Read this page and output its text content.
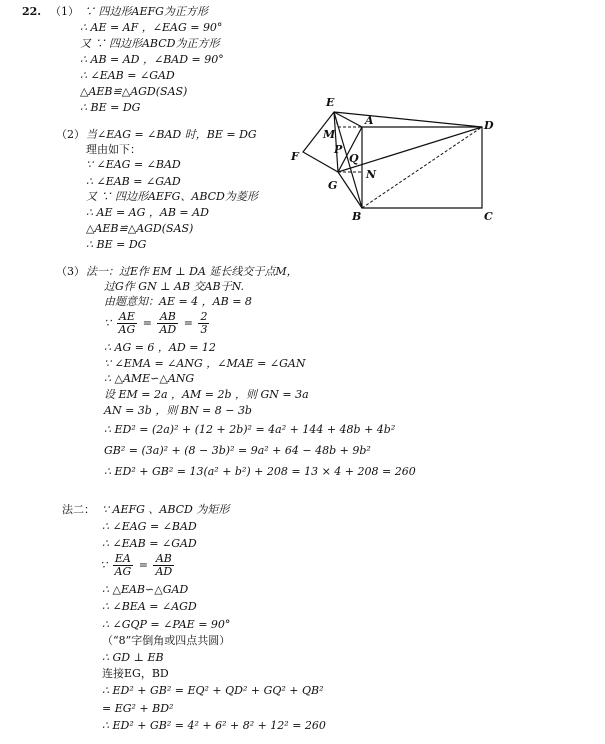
22. （1） ∵ 四边形AEFG为正方形
∴ AE = AF ，∠EAG = 90°
又 ∵ 四边形ABCD为正方形
∴ AB = AD ，∠BAD = 90°
∴ ∠EAB = ∠GAD
△AEB≌△AGD(SAS)
∴ BE = DG
（2） 当∠EAG = ∠BAD 时，BE = DG
理由如下：
∵ ∠EAG = ∠BAD
∴ ∠EAB = ∠GAD
又 ∵ 四边形AEFG、ABCD为菱形
∴ AE = AG ，AB = AD
△AEB≌△AGD(SAS)
∴ BE = DG
（3） 法一：过E作 EM ⊥ DA 延长线交于点M，
过G作 GN ⊥ AB 交AB于N.
由题意知：AE = 4 ，AB = 8
∵ $\frac{AE}{AG} = \frac{AB}{AD} = \frac{2}{3}$
∴ AG = 6 ，AD = 12
∵ ∠EMA = ∠ANG ，∠MAE = ∠GAN
∴ △AME∽△ANG
设 EM = 2a ，AM = 2b ，则 GN = 3a
AN = 3b ，则 BN = 8 − 3b
∴ ED² = (2a)² + (12 + 2b)² = 4a² + 144 + 48b + 4b²
GB² = (3a)² + (8 − 3b)² = 9a² + 64 − 48b + 9b²
∴ ED² + GB² = 13(a² + b²) + 208 = 13 × 4 + 208 = 260
法二： ∵ AEFG 、ABCD 为矩形
∴ ∠EAG = ∠BAD
∴ ∠EAB = ∠GAD
∵ $\frac{EA}{AG} = \frac{AB}{AD}$
∴ △EAB∽△GAD
∴ ∠BEA = ∠AGD
∴ ∠GQP = ∠PAE = 90°
（“8”字倒角或四点共圆）
∴ GD ⊥ EB
连接EG，BD
∴ ED² + GB² = EQ² + QD² + GQ² + QB²
= EG² + BD²
∴ ED² + GB² = 4² + 6² + 8² + 12² = 260
E
A	D
M
P
Q
F
G
N
B	C
